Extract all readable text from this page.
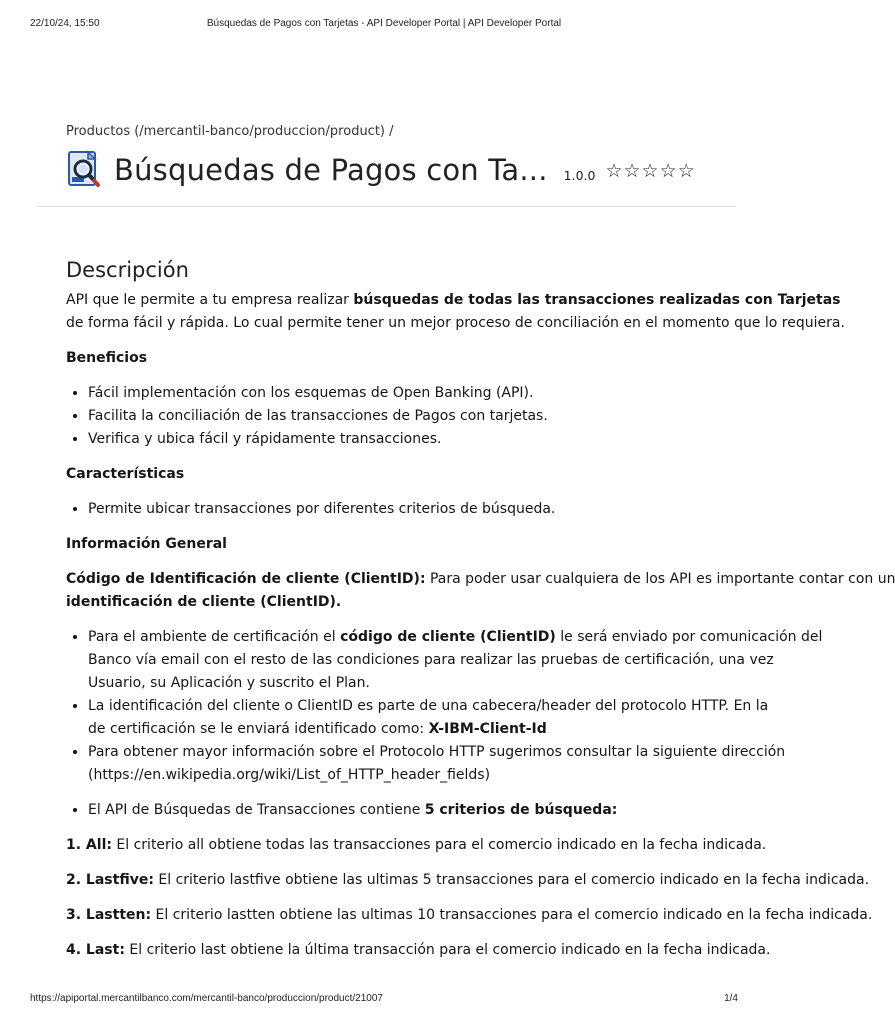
22/10/24, 15:50	Búsquedas de Pagos con Tarjetas - API Developer Portal | API Developer Portal
Productos (/mercantil-banco/produccion/product) /
Búsquedas de Pagos con Ta... 1.0.0 ☆☆☆☆☆
Descripción

API que le permite a tu empresa realizar búsquedas de todas las transacciones realizadas con Tarjetas
de forma fácil y rápida. Lo cual permite tener un mejor proceso de conciliación en el momento que lo requiera.

Beneficios

• Fácil implementación con los esquemas de Open Banking (API).
• Facilita la conciliación de las transacciones de Pagos con tarjetas.
• Verifica y ubica fácil y rápidamente transacciones.

Características

• Permite ubicar transacciones por diferentes criterios de búsqueda.

Información General

Código de Identificación de cliente (ClientID): Para poder usar cualquiera de los API es importante contar con un
identificación de cliente (ClientID).

• Para el ambiente de certificación el código de cliente (ClientID) le será enviado por comunicación del
Banco vía email con el resto de las condiciones para realizar las pruebas de certificación, una vez
Usuario, su Aplicación y suscrito el Plan.
• La identificación del cliente o ClientID es parte de una cabecera/header del protocolo HTTP. En la
de certificación se le enviará identificado como: X-IBM-Client-Id
• Para obtener mayor información sobre el Protocolo HTTP sugerimos consultar la siguiente dirección
(https://en.wikipedia.org/wiki/List_of_HTTP_header_fields)
• El API de Búsquedas de Transacciones contiene 5 criterios de búsqueda:

1. All: El criterio all obtiene todas las transacciones para el comercio indicado en la fecha indicada.

2. Lastfive: El criterio lastfive obtiene las ultimas 5 transacciones para el comercio indicado en la fecha indicada.

3. Lastten: El criterio lastten obtiene las ultimas 10 transacciones para el comercio indicado en la fecha indicada.

4. Last: El criterio last obtiene la última transacción para el comercio indicado en la fecha indicada.

https://apiportal.mercantilbanco.com/mercantil-banco/produccion/product/21007	1/4
